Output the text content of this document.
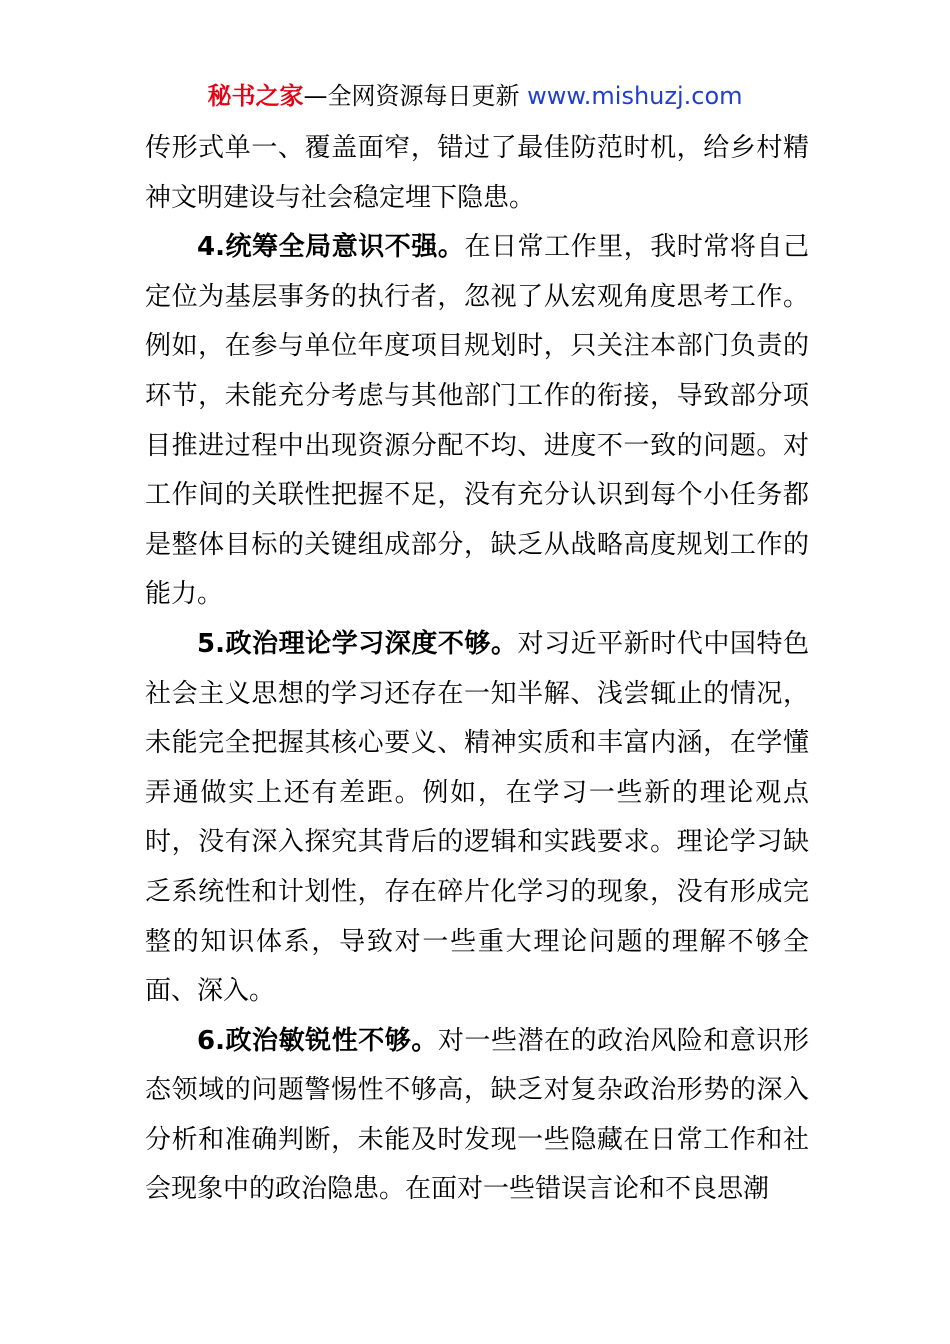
秘书之家—全网资源每日更新 www.mishuzj.com

传形式单一、覆盖面窄，错过了最佳防范时机，给乡村精神文明建设与社会稳定埋下隐患。

4.统筹全局意识不强。在日常工作里，我时常将自己定位为基层事务的执行者，忽视了从宏观角度思考工作。例如，在参与单位年度项目规划时，只关注本部门负责的环节，未能充分考虑与其他部门工作的衔接，导致部分项目推进过程中出现资源分配不均、进度不一致的问题。对工作间的关联性把握不足，没有充分认识到每个小任务都是整体目标的关键组成部分，缺乏从战略高度规划工作的能力。

5.政治理论学习深度不够。对习近平新时代中国特色社会主义思想的学习还存在一知半解、浅尝辄止的情况，未能完全把握其核心要义、精神实质和丰富内涵，在学懂弄通做实上还有差距。例如，在学习一些新的理论观点时，没有深入探究其背后的逻辑和实践要求。理论学习缺乏系统性和计划性，存在碎片化学习的现象，没有形成完整的知识体系，导致对一些重大理论问题的理解不够全面、深入。

6.政治敏锐性不够。对一些潜在的政治风险和意识形态领域的问题警惕性不够高，缺乏对复杂政治形势的深入分析和准确判断，未能及时发现一些隐藏在日常工作和社会现象中的政治隐患。在面对一些错误言论和不良思潮
